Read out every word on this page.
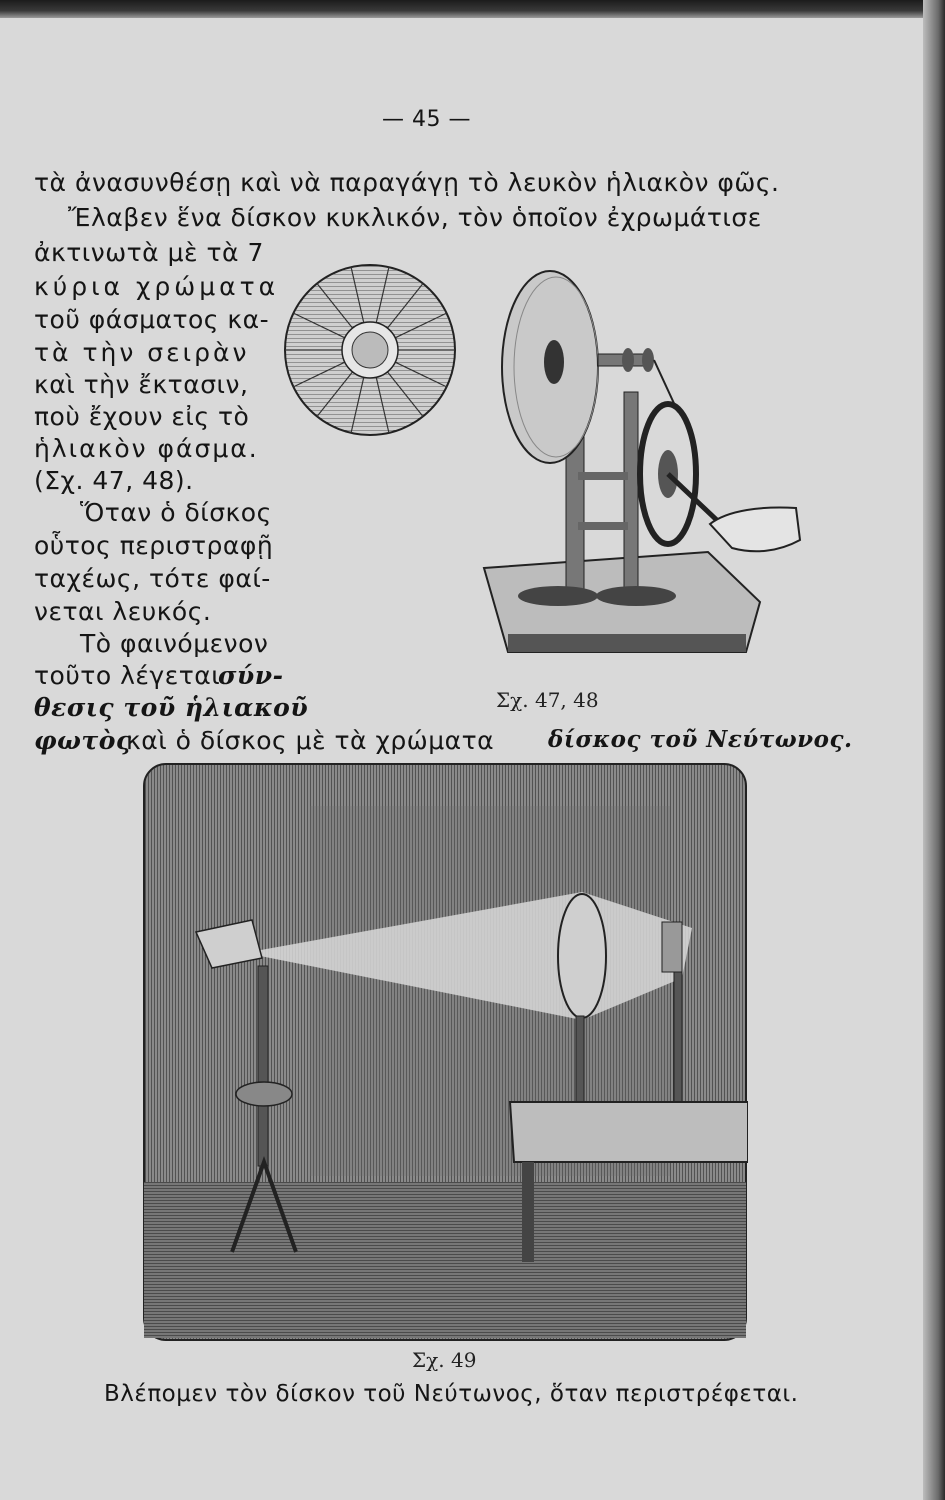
— 45 —
τὰ ἀνασυνθέσῃ καὶ νὰ παραγάγῃ τὸ λευκὸν ἡλιακὸν φῶς.
Ἔλαβεν ἕνα δίσκον κυκλικόν, τὸν ὁποῖον ἐχρωμάτισε
ἀκτινωτὰ μὲ τὰ 7
κύρια χρώματα
τοῦ φάσματος κα-
τὰ τὴν σειρὰν
καὶ τὴν ἔκτασιν,
ποὺ ἔχουν εἰς τὸ
ἡλιακὸν φάσμα.
(Σχ. 47, 48).
Ὅταν ὁ δίσκος
οὗτος περιστραφῇ
ταχέως, τότε φαί-
νεται λευκός.
Τὸ φαινόμενον
τοῦτο λέγεται
σύν-
θεσις τοῦ ἡλιακοῦ
φωτὸς
καὶ ὁ δίσκος μὲ τὰ χρώματα δίσκος τοῦ Νεύτωνος.
Σχ. 47, 48
Σχ. 49
Βλέπομεν τὸν δίσκον τοῦ Νεύτωνος, ὅταν περιστρέφεται.
